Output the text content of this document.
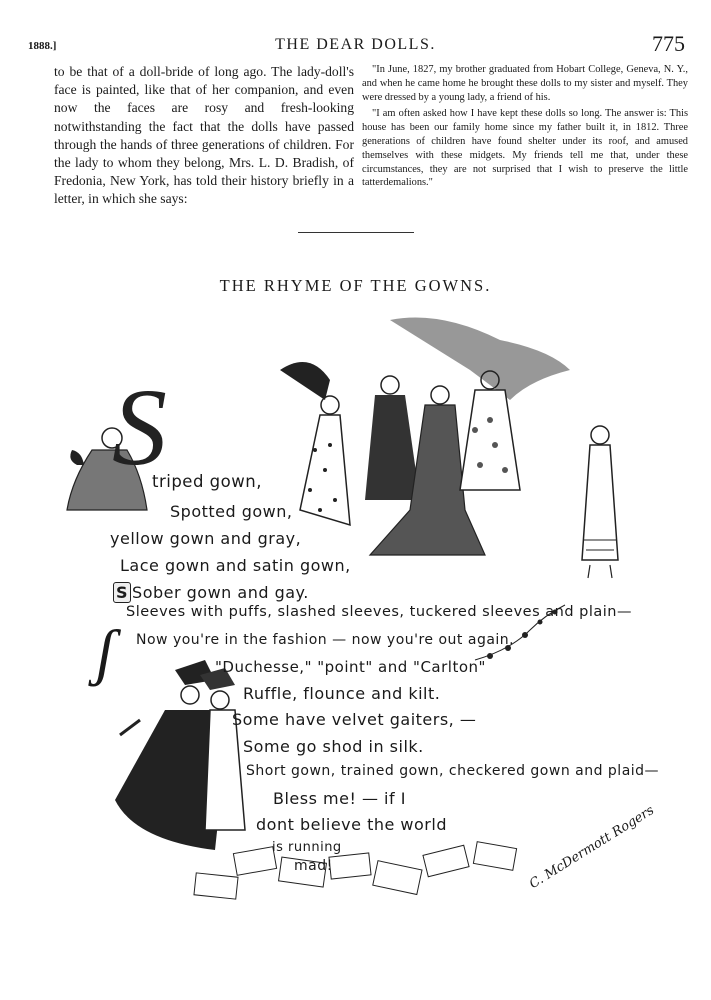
1888.]	THE DEAR DOLLS.	775

to be that of a doll-bride of long ago. The lady-doll's face is painted, like that of her companion, and even now the faces are rosy and fresh-looking notwithstanding the fact that the dolls have passed through the hands of three generations of children. For the lady to whom they belong, Mrs. L. D. Bradish, of Fredonia, New York, has told their history briefly in a letter, in which she says:

"In June, 1827, my brother graduated from Hobart College, Geneva, N. Y., and when he came home he brought these dolls to my sister and myself. They were dressed by a young lady, a friend of his.

"I am often asked how I have kept these dolls so long. The answer is: This house has been our family home since my father built it, in 1812. Three generations of children have found shelter under its roof, and amused themselves with these midgets. My friends tell me that, under these circumstances, they are not surprised that I wish to preserve the little tatterdemalions."

THE RHYME OF THE GOWNS.
S
ʃ
triped gown,
Spotted gown,
yellow gown and gray,
Lace gown and satin gown,
S Sober gown and gay.
Sleeves with puffs, slashed sleeves, tuckered sleeves and plain—
Now you're in the fashion — now you're out again.
"Duchesse," "point" and "Carlton"
Ruffle, flounce and kilt.
Some have velvet gaiters, —
Some go shod in silk.
Short gown, trained gown, checkered gown and plaid—
Bless me! — if I
dont believe the world
is running
mad!	C. McDermott Rogers
